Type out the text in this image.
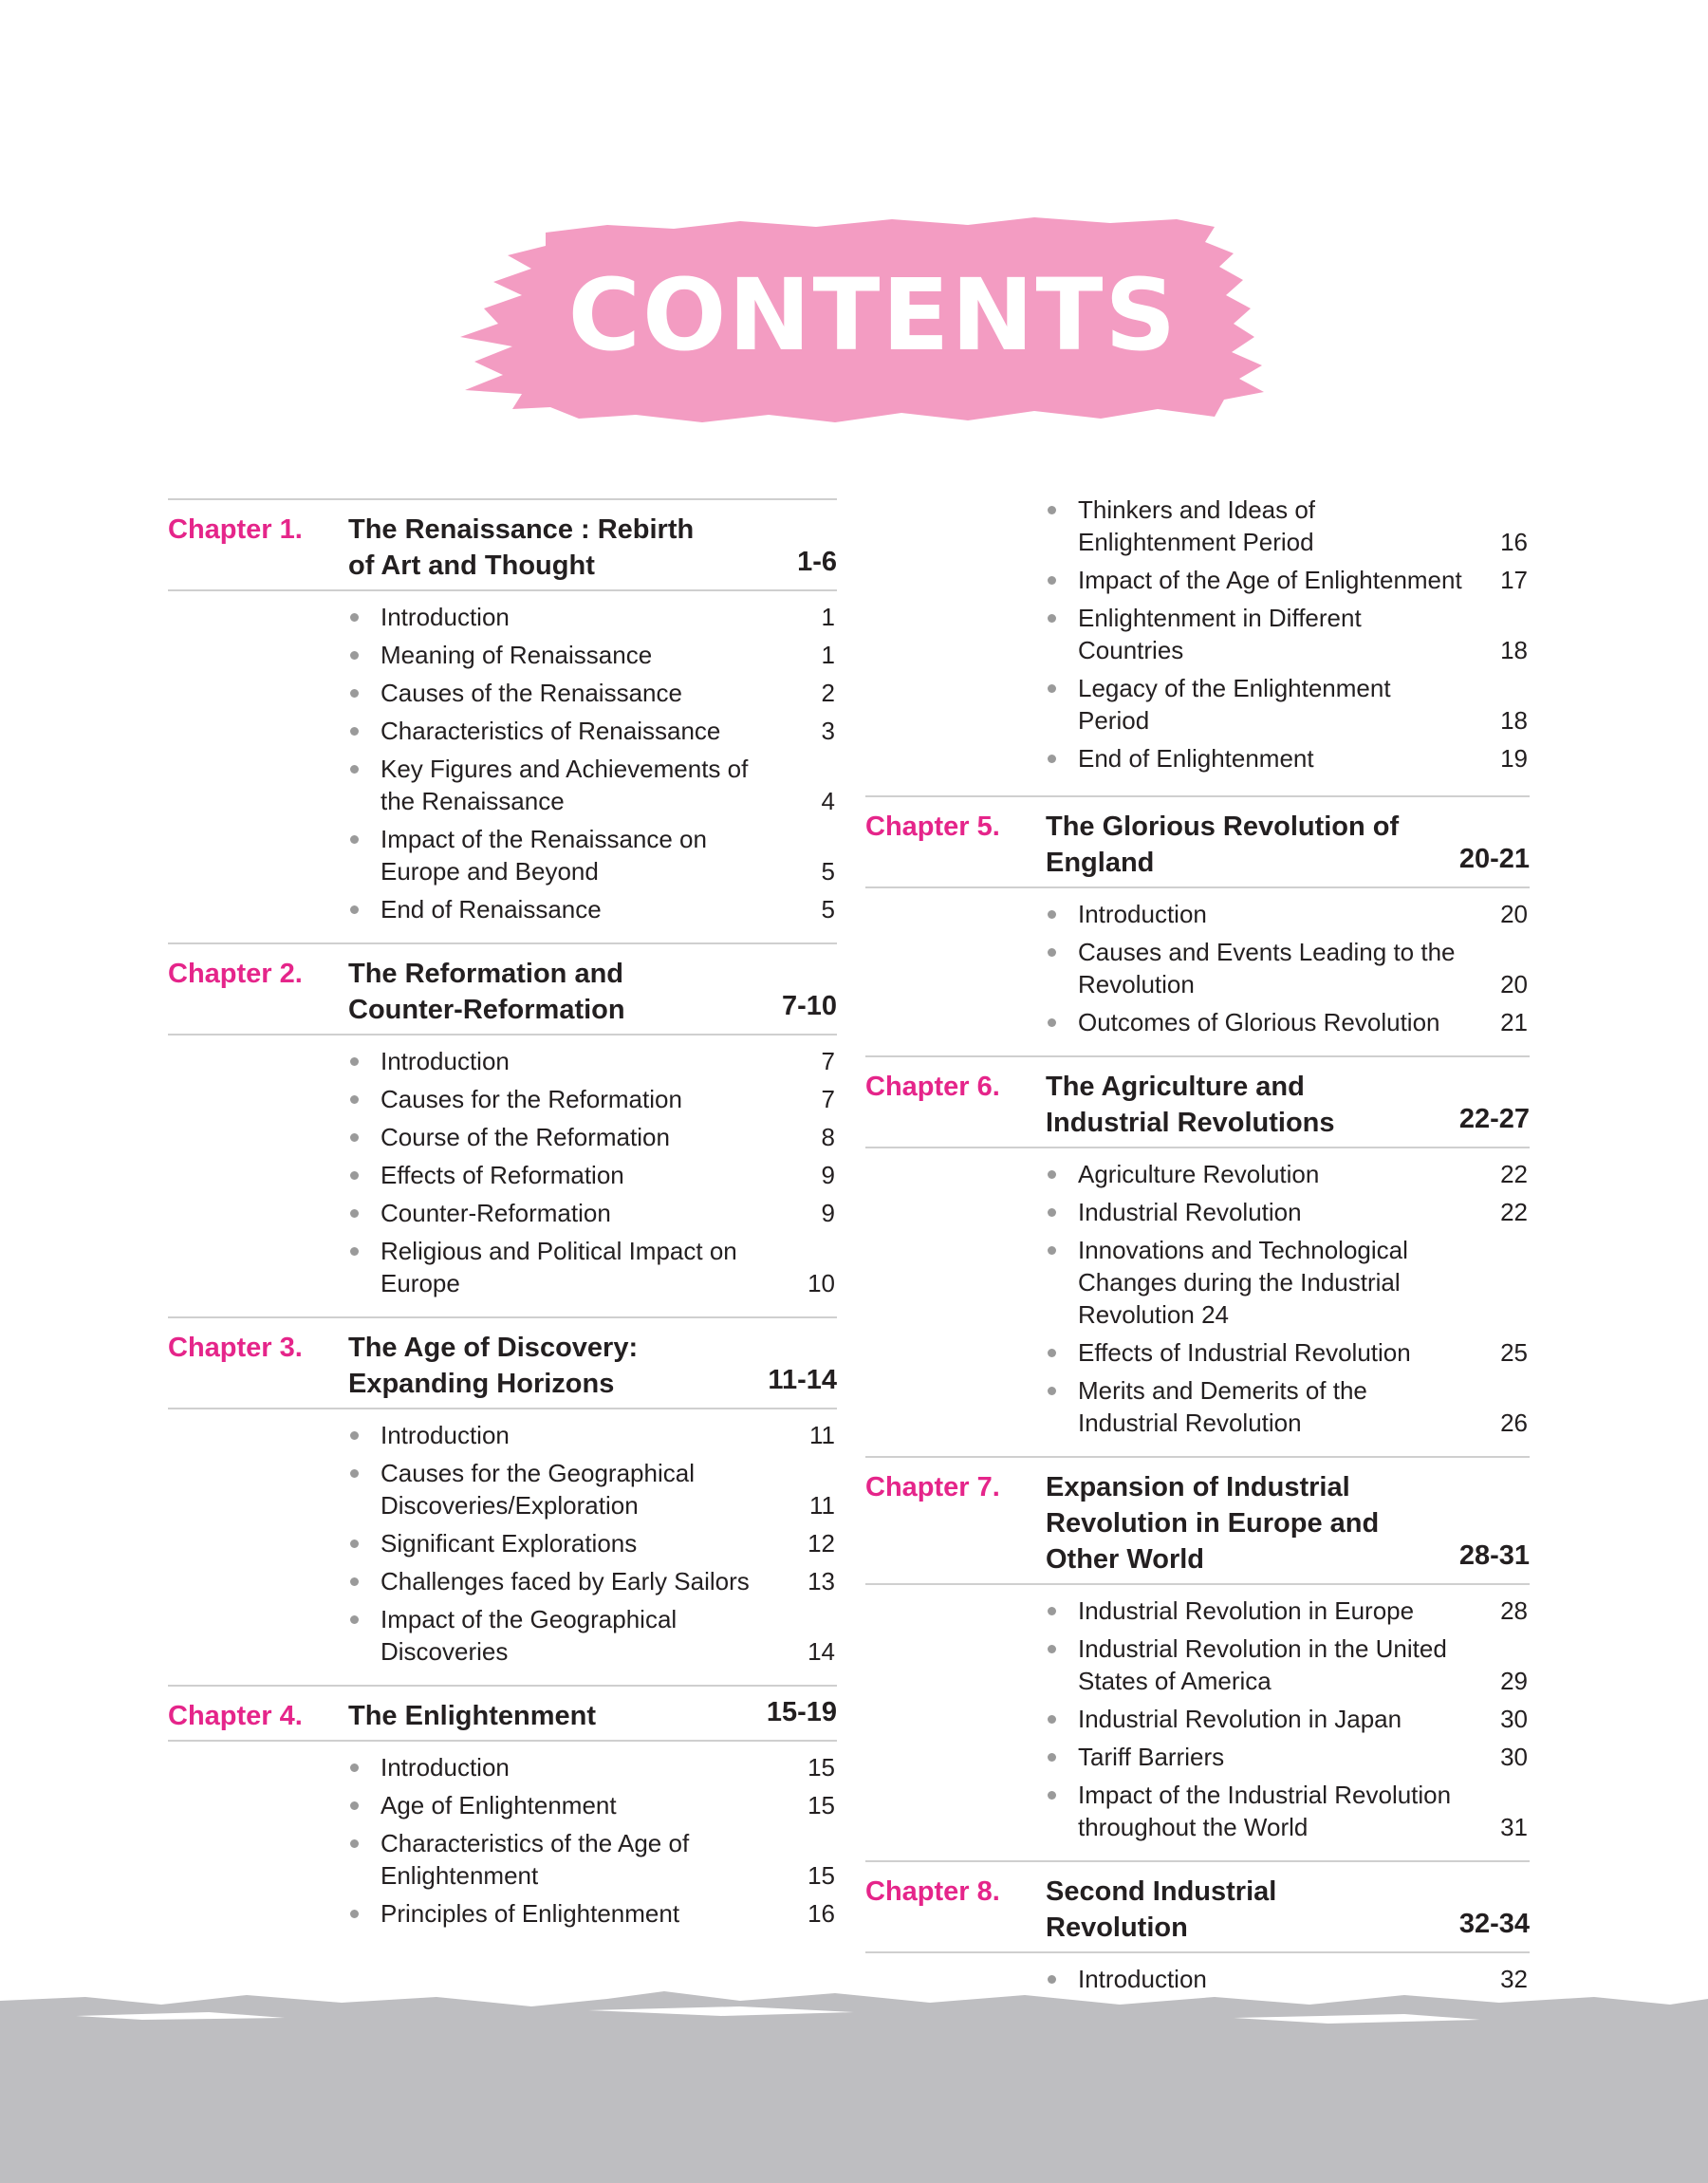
CONTENTS
Chapter 1.	The Renaissance : Rebirth of Art and Thought	1-6
Introduction	1
Meaning of Renaissance	1
Causes of the Renaissance	2
Characteristics of Renaissance	3
Key Figures and Achievements of the Renaissance	4
Impact of the Renaissance on Europe and Beyond	5
End of Renaissance	5
Chapter 2.	The Reformation and Counter-Reformation	7-10
Introduction	7
Causes for the Reformation	7
Course of the Reformation	8
Effects of Reformation	9
Counter-Reformation	9
Religious and Political Impact on Europe	10
Chapter 3.	The Age of Discovery: Expanding Horizons	11-14
Introduction	11
Causes for the Geographical Discoveries/Exploration	11
Significant Explorations	12
Challenges faced by Early Sailors 13
Impact of the Geographical Discoveries	14
Chapter 4.	The Enlightenment	15-19
Introduction	15
Age of Enlightenment	15
Characteristics of the Age of Enlightenment	15
Principles of Enlightenment	16
Thinkers and Ideas of Enlightenment Period	16
Impact of the Age of Enlightenment 17
Enlightenment in Different Countries	18
Legacy of the Enlightenment Period	18
End of Enlightenment	19
Chapter 5.	The Glorious Revolution of England	20-21
Introduction	20
Causes and Events Leading to the Revolution	20
Outcomes of Glorious Revolution 21
Chapter 6.	The Agriculture and Industrial Revolutions	22-27
Agriculture Revolution	22
Industrial Revolution	22
Innovations and Technological Changes during the Industrial Revolution 24
Effects of Industrial Revolution	25
Merits and Demerits of the Industrial Revolution	26
Chapter 7.	Expansion of Industrial Revolution in Europe and Other World	28-31
Industrial Revolution in Europe	28
Industrial Revolution in the United States of America	29
Industrial Revolution in Japan	30
Tariff Barriers	30
Impact of the Industrial Revolution throughout the World	31
Chapter 8.	Second Industrial Revolution	32-34
Introduction	32
